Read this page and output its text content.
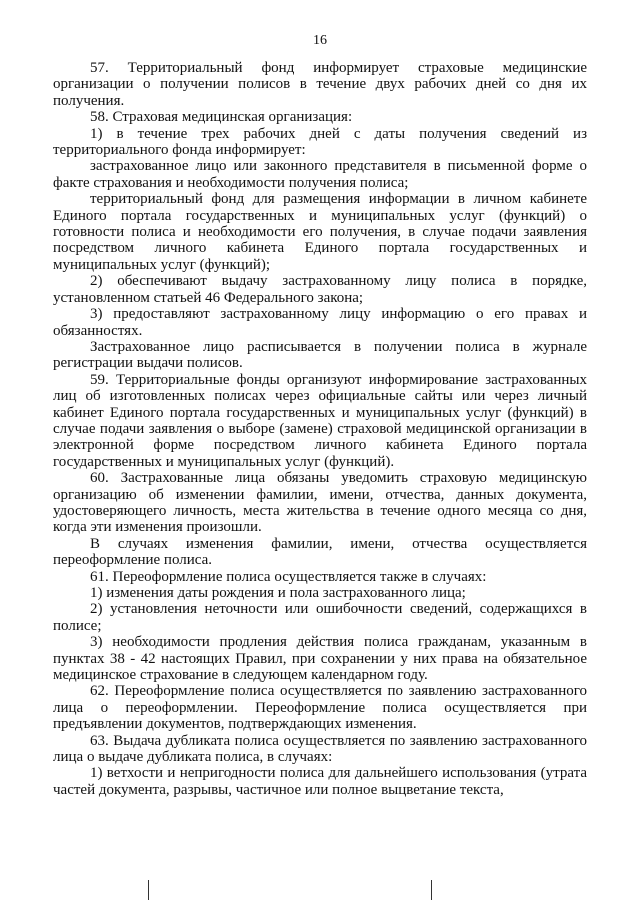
16

57. Территориальный фонд информирует страховые медицинские организации о получении полисов в течение двух рабочих дней со дня их получения.

58. Страховая медицинская организация:

1) в течение трех рабочих дней с даты получения сведений из территориального фонда информирует:

застрахованное лицо или законного представителя в письменной форме о факте страхования и необходимости получения полиса;

территориальный фонд для размещения информации в личном кабинете Единого портала государственных и муниципальных услуг (функций) о готовности полиса и необходимости его получения, в случае подачи заявления посредством личного кабинета Единого портала государственных и муниципальных услуг (функций);

2) обеспечивают выдачу застрахованному лицу полиса в порядке, установленном статьей 46 Федерального закона;

3) предоставляют застрахованному лицу информацию о его правах и обязанностях.

Застрахованное лицо расписывается в получении полиса в журнале регистрации выдачи полисов.

59. Территориальные фонды организуют информирование застрахованных лиц об изготовленных полисах через официальные сайты или через личный кабинет Единого портала государственных и муниципальных услуг (функций) в случае подачи заявления о выборе (замене) страховой медицинской организации в электронной форме посредством личного кабинета Единого портала государственных и муниципальных услуг (функций).

60. Застрахованные лица обязаны уведомить страховую медицинскую организацию об изменении фамилии, имени, отчества, данных документа, удостоверяющего личность, места жительства в течение одного месяца со дня, когда эти изменения произошли.

В случаях изменения фамилии, имени, отчества осуществляется переоформление полиса.

61. Переоформление полиса осуществляется также в случаях:

1) изменения даты рождения и пола застрахованного лица;

2) установления неточности или ошибочности сведений, содержащихся в полисе;

3) необходимости продления действия полиса гражданам, указанным в пунктах 38 - 42 настоящих Правил, при сохранении у них права на обязательное медицинское страхование в следующем календарном году.

62. Переоформление полиса осуществляется по заявлению застрахованного лица о переоформлении. Переоформление полиса осуществляется при предъявлении документов, подтверждающих изменения.

63. Выдача дубликата полиса осуществляется по заявлению застрахованного лица о выдаче дубликата полиса, в случаях:

1) ветхости и непригодности полиса для дальнейшего использования (утрата частей документа, разрывы, частичное или полное выцветание текста,
